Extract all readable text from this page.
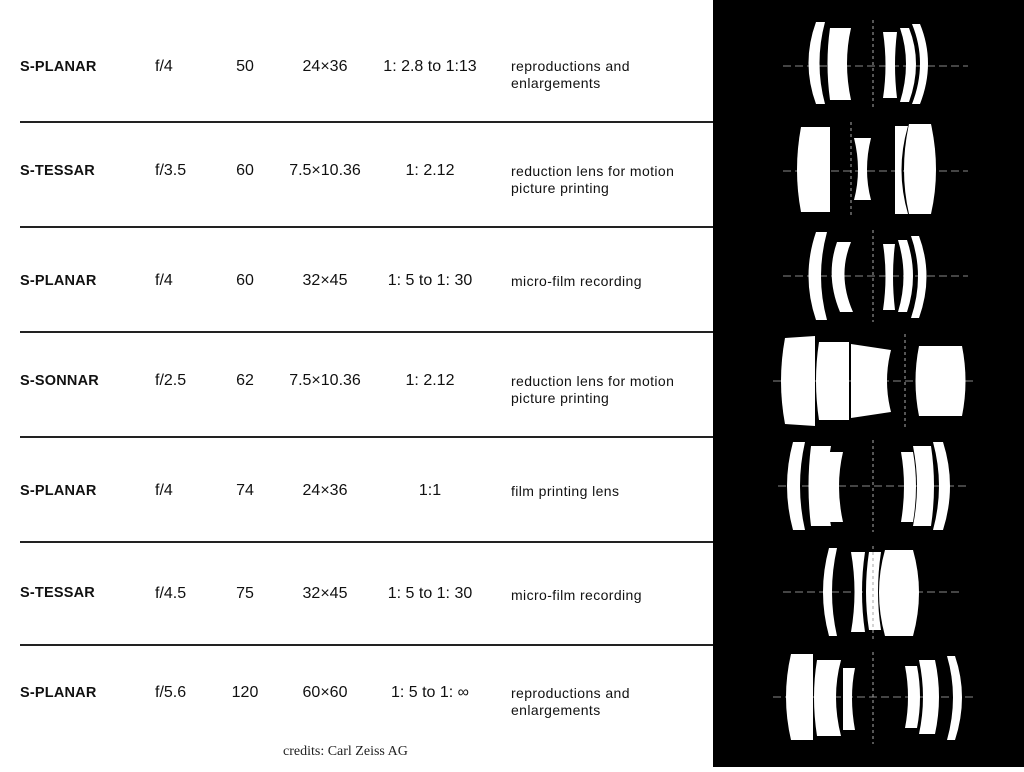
S-PLANAR	f/4	50	24×36	1: 2.8 to 1:13	reproductions and
enlargements
S-TESSAR	f/3.5	60	7.5×10.36	1: 2.12	reduction lens for motion
picture printing
S-PLANAR	f/4	60	32×45	1: 5 to 1: 30	micro-film recording
S-SONNAR	f/2.5	62	7.5×10.36	1: 2.12	reduction lens for motion
picture printing
S-PLANAR	f/4	74	24×36	1:1	film printing lens
S-TESSAR	f/4.5	75	32×45	1: 5 to 1: 30	micro-film recording
S-PLANAR	f/5.6	120	60×60	1: 5 to 1: ∞	reproductions and
enlargements
credits: Carl Zeiss AG
